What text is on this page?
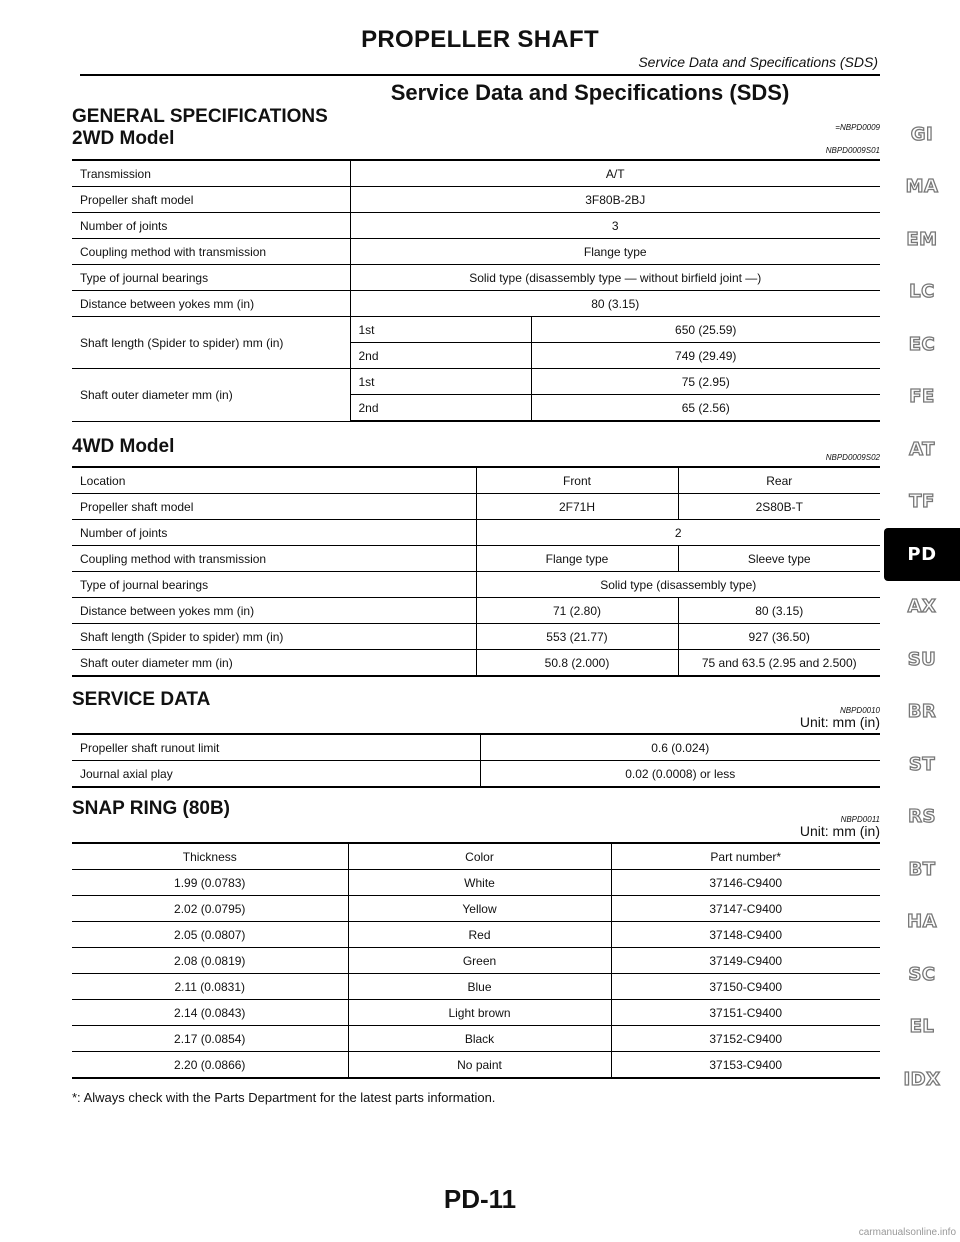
PROPELLER SHAFT
Service Data and Specifications (SDS)
Service Data and Specifications (SDS)
GENERAL SPECIFICATIONS
=NBPD0009
2WD Model
NBPD0009S01
Transmission	A/T	
Propeller shaft model	3F80B-2BJ	
Number of joints	3	
Coupling method with transmission	Flange type	
Type of journal bearings	Solid type (disassembly type — without birfield joint —)	
Distance between yokes mm (in)	80 (3.15)	
Shaft length (Spider to spider) mm (in)	1st	650 (25.59)
	2nd	749 (29.49)
Shaft outer diameter mm (in)	1st	75 (2.95)
	2nd	65 (2.56)
4WD Model
NBPD0009S02
Location	Front	Rear
Propeller shaft model	2F71H	2S80B-T
Number of joints	2	
Coupling method with transmission	Flange type	Sleeve type
Type of journal bearings	Solid type (disassembly type)	
Distance between yokes mm (in)	71 (2.80)	80 (3.15)
Shaft length (Spider to spider) mm (in)	553 (21.77)	927 (36.50)
Shaft outer diameter mm (in)	50.8 (2.000)	75 and 63.5 (2.95 and 2.500)
SERVICE DATA
NBPD0010
Unit: mm (in)
Propeller shaft runout limit	0.6 (0.024)
Journal axial play	0.02 (0.0008) or less
SNAP RING (80B)
NBPD0011
Unit: mm (in)
Thickness	Color	Part number*
1.99 (0.0783)	White	37146-C9400
2.02 (0.0795)	Yellow	37147-C9400
2.05 (0.0807)	Red	37148-C9400
2.08 (0.0819)	Green	37149-C9400
2.11 (0.0831)	Blue	37150-C9400
2.14 (0.0843)	Light brown	37151-C9400
2.17 (0.0854)	Black	37152-C9400
2.20 (0.0866)	No paint	37153-C9400
*: Always check with the Parts Department for the latest parts information.
PD-11
GI
MA
EM
LC
EC
FE
AT
TF
PD
AX
SU
BR
ST
RS
BT
HA
SC
EL
IDX
carmanualsonline.info
